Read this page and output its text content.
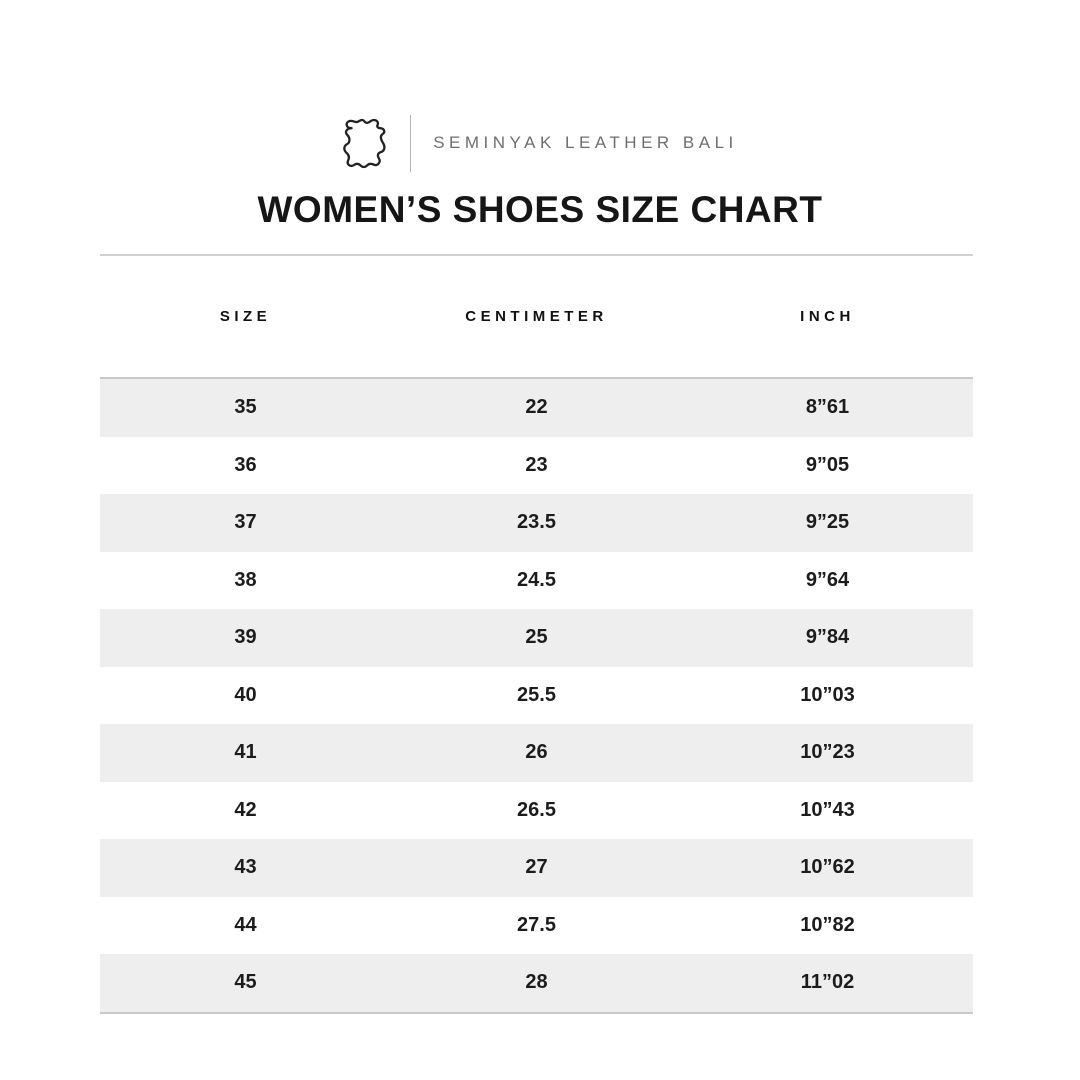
SEMINYAK LEATHER BALI
WOMEN’S SHOES SIZE CHART
SIZE	CENTIMETER	INCH
35	22	8”61
36	23	9”05
37	23.5	9”25
38	24.5	9”64
39	25	9”84
40	25.5	10”03
41	26	10”23
42	26.5	10”43
43	27	10”62
44	27.5	10”82
45	28	11”02
